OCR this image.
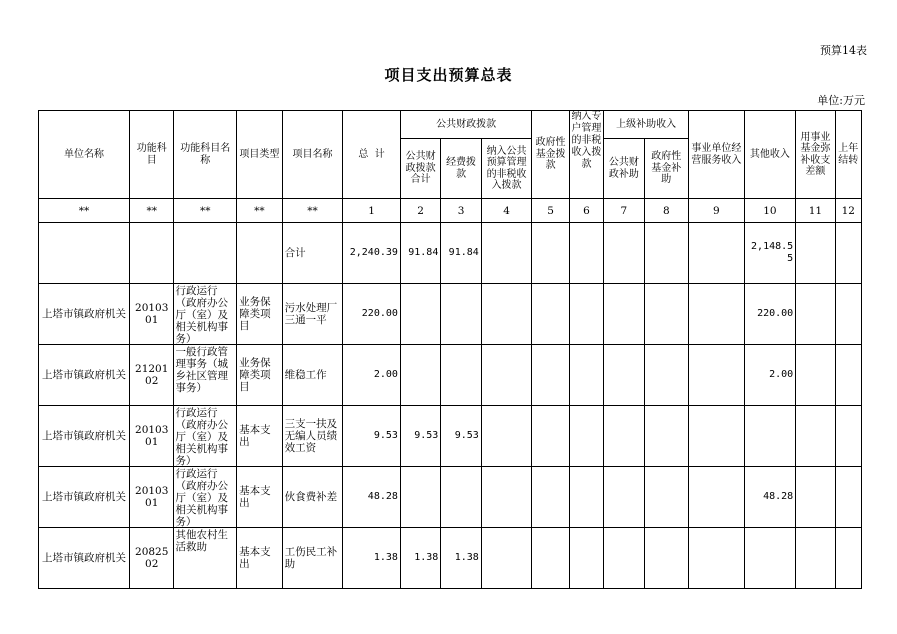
预算14表
项目支出预算总表
单位:万元
单位名称	功能科目	功能科目名称	项目类型	项目名称	总  计	公共财政拨款			政府性基金拨款	纳入专户管理的非税收入拨款	上级补助收入		事业单位经营服务收入	其他收入	用事业基金弥补收支差额	上年结转
						公共财政拨款合计	经费拨款	纳入公共预算管理的非税收入拨款			公共财政补助	政府性基金补助				
**	**	**	**	**	1	2	3	4	5	6	7	8	9	10	11	12
				合计	2,240.39	91.84	91.84							2,148.55		
上塔市镇政府机关	2010301	行政运行（政府办公厅（室）及相关机构事务）	业务保障类项目	污水处理厂三通一平	220.00									220.00		
上塔市镇政府机关	2120102	一般行政管理事务（城乡社区管理事务）	业务保障类项目	维稳工作	2.00									2.00		
上塔市镇政府机关	2010301	行政运行（政府办公厅（室）及相关机构事务）	基本支出	三支一扶及无编人员绩效工资	9.53	9.53	9.53									
上塔市镇政府机关	2010301	行政运行（政府办公厅（室）及相关机构事务）	基本支出	伙食费补差	48.28									48.28		
上塔市镇政府机关	2082502	其他农村生活救助	基本支出	工伤民工补助	1.38	1.38	1.38									
